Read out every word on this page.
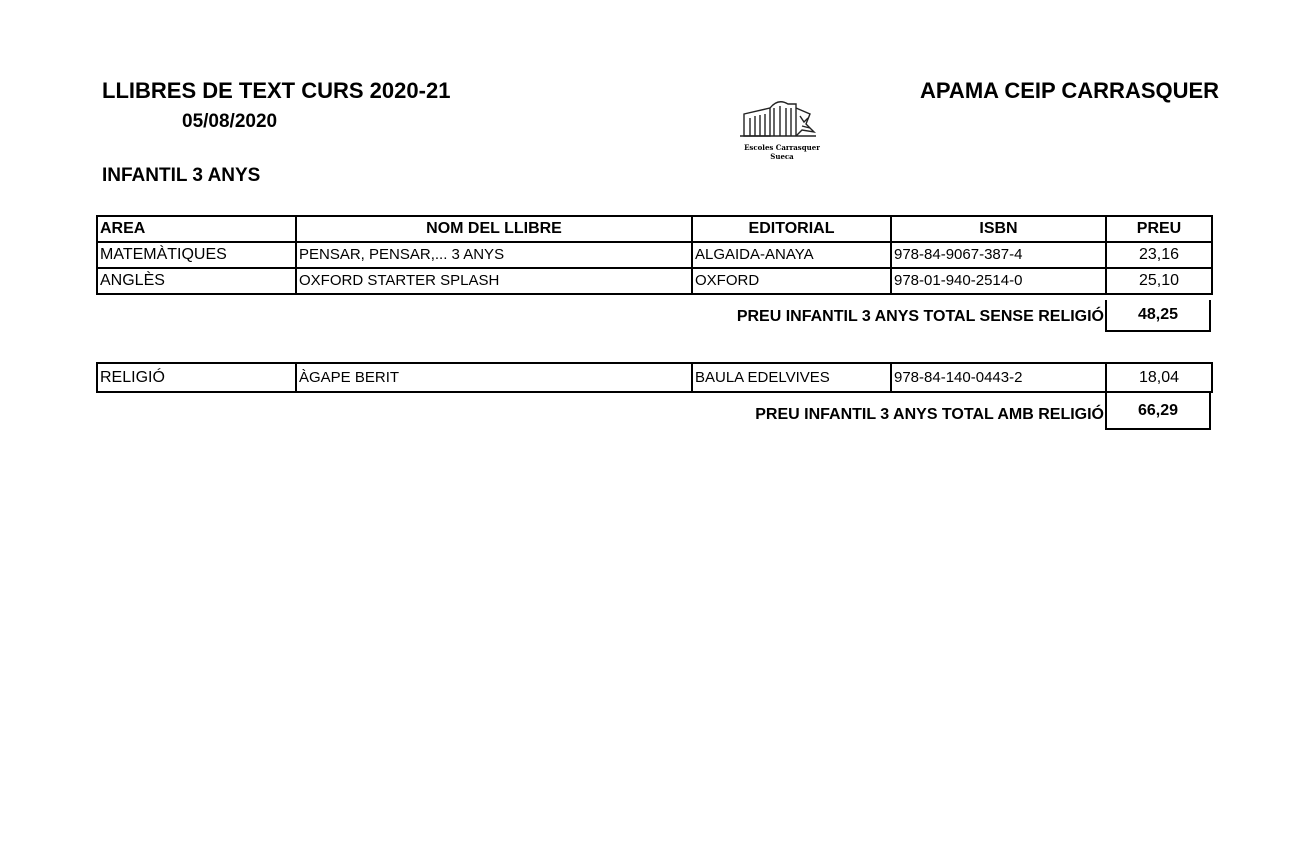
LLIBRES DE TEXT CURS 2020-21
05/08/2020
APAMA CEIP CARRASQUER
Escoles Carrasquer
Sueca
INFANTIL 3 ANYS
AREA	NOM DEL LLIBRE	EDITORIAL	ISBN	PREU
MATEMÀTIQUES	PENSAR, PENSAR,... 3 ANYS	ALGAIDA-ANAYA	978-84-9067-387-4	23,16
ANGLÈS	OXFORD STARTER SPLASH	OXFORD	978-01-940-2514-0	25,10
PREU INFANTIL 3 ANYS TOTAL SENSE RELIGIÓ	48,25
RELIGIÓ	ÀGAPE BERIT	BAULA EDELVIVES	978-84-140-0443-2	18,04
PREU INFANTIL 3 ANYS TOTAL AMB RELIGIÓ	66,29
